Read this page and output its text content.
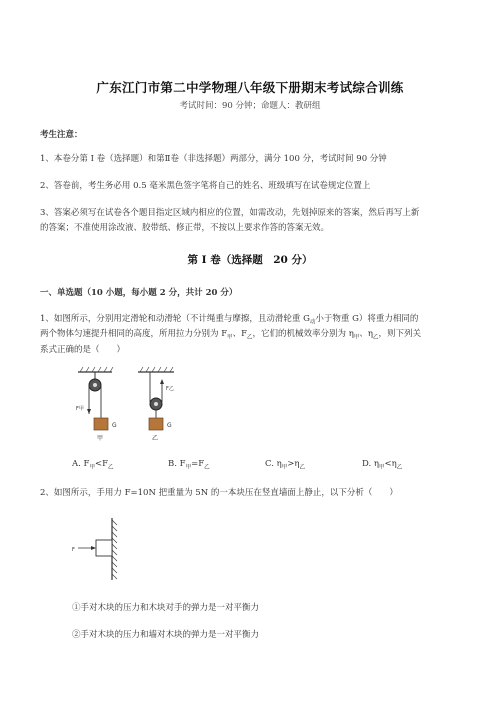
广东江门市第二中学物理八年级下册期末考试综合训练
考试时间：90 分钟；命题人：教研组
考生注意：
1、本卷分第 I 卷（选择题）和第Ⅱ卷（非选择题）两部分，满分 100 分，考试时间 90 分钟
2、答卷前，考生务必用 0.5 毫米黑色签字笔将自己的姓名、班级填写在试卷规定位置上
3、答案必须写在试卷各个题目指定区域内相应的位置，如需改动，先划掉原来的答案，然后再写上新
的答案；不准使用涂改液、胶带纸、修正带，不按以上要求作答的答案无效。
第 I 卷（选择题　20 分）
一、单选题（10 小题，每小题 2 分，共计 20 分）
1、如图所示，分别用定滑轮和动滑轮（不计绳重与摩擦，且动滑轮重 $G_动$小于物重 G）将重力相同的
两个物体匀速提升相同的高度，所用拉力分别为 $F_甲$、$F_乙$，它们的机械效率分别为 $\eta_甲$、$\eta_乙$，则下列关
系式正确的是（　　）
F甲
G
甲
F乙
G
乙
A. $F_甲<F_乙$	B. $F_甲=F_乙$	C. $\eta_甲>\eta_乙$	D. $\eta_甲<\eta_乙$
2、如图所示，手用力 F=10N 把重量为 5N 的一本块压在竖直墙面上静止，以下分析（　　）
F
①手对木块的压力和木块对手的弹力是一对平衡力
②手对木块的压力和墙对木块的弹力是一对平衡力
